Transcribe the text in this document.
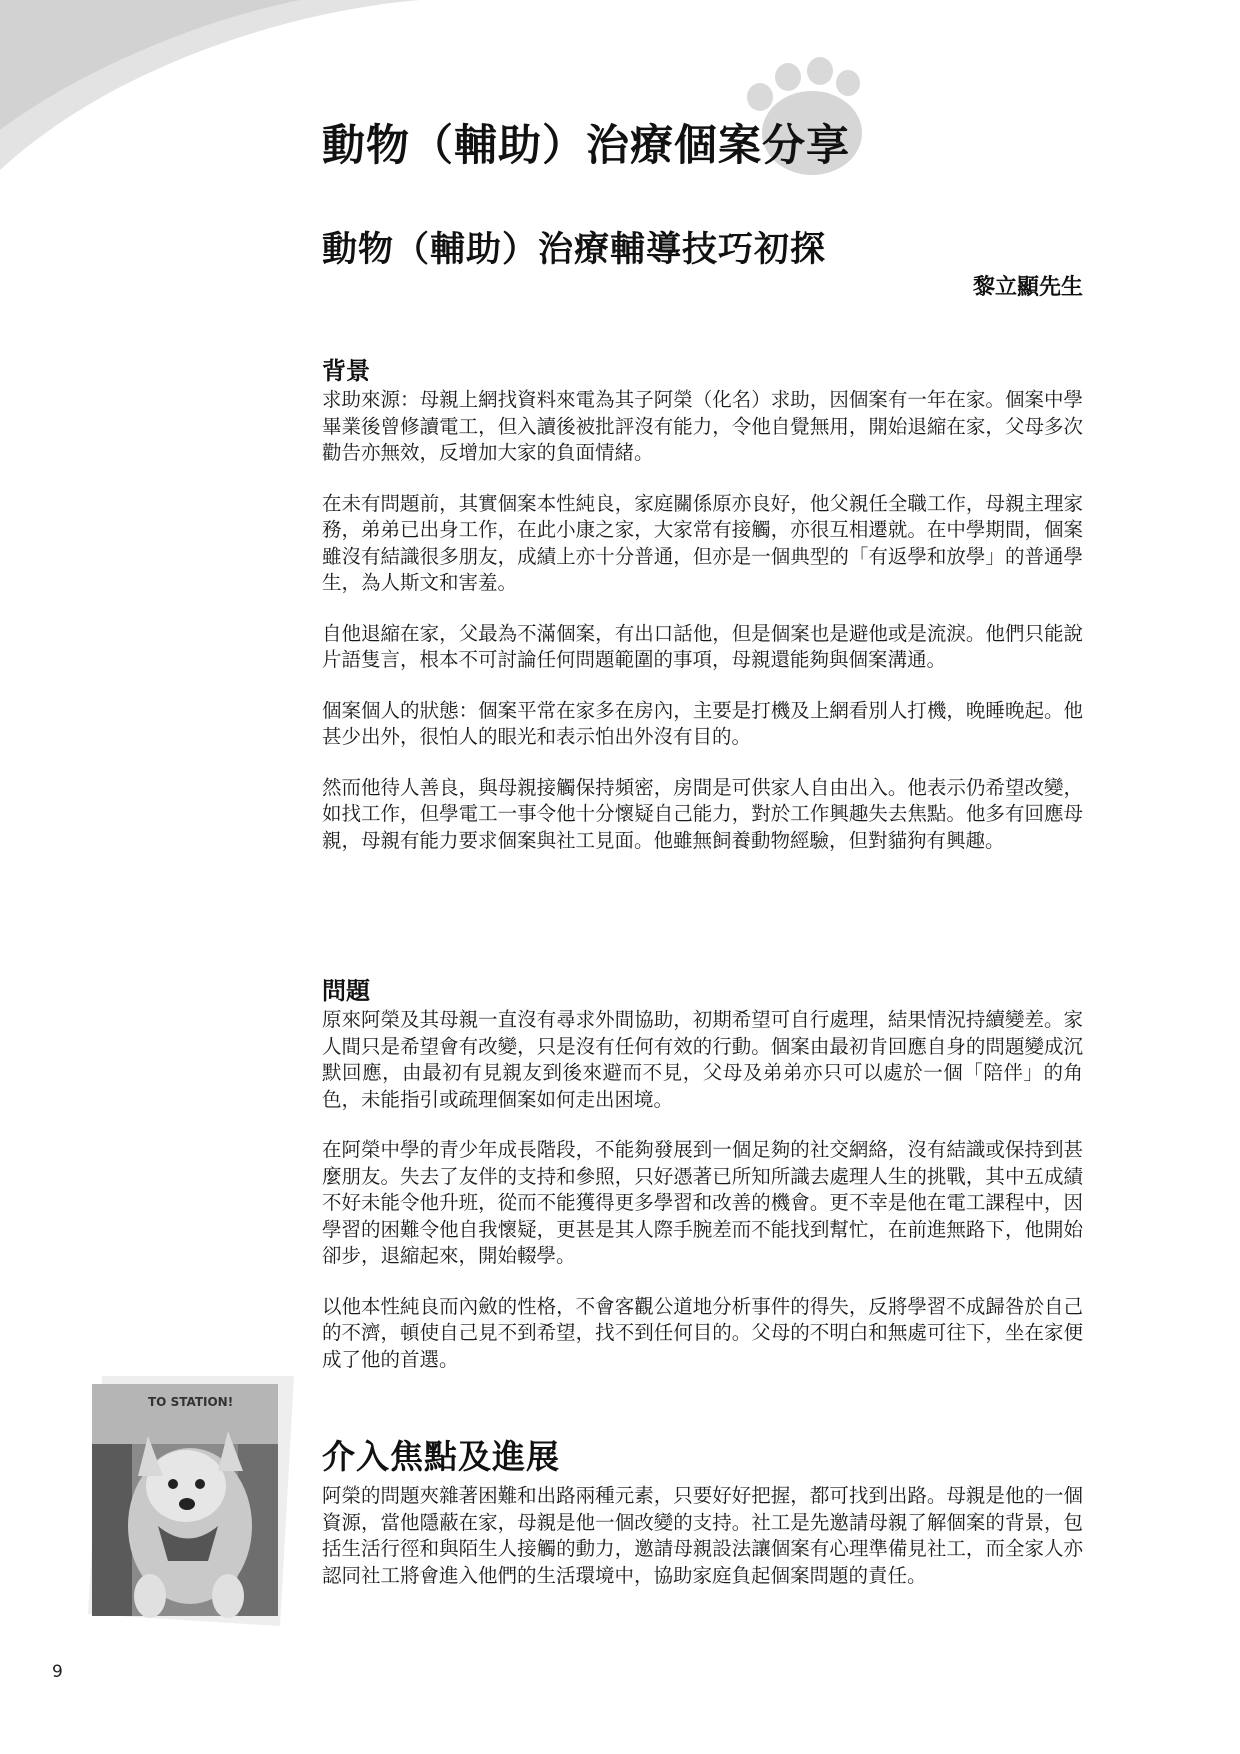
動物（輔助）治療個案分享
動物（輔助）治療輔導技巧初探

黎立顯先生

背景

求助來源：母親上網找資料來電為其子阿榮（化名）求助，因個案有一年在家。個案中學畢業後曾修讀電工，但入讀後被批評沒有能力，令他自覺無用，開始退縮在家，父母多次勸告亦無效，反增加大家的負面情緒。

在未有問題前，其實個案本性純良，家庭關係原亦良好，他父親任全職工作，母親主理家務，弟弟已出身工作，在此小康之家，大家常有接觸，亦很互相遷就。在中學期間，個案雖沒有結識很多朋友，成績上亦十分普通，但亦是一個典型的「有返學和放學」的普通學生，為人斯文和害羞。

自他退縮在家，父最為不滿個案，有出口話他，但是個案也是避他或是流淚。他們只能說片語隻言，根本不可討論任何問題範圍的事項，母親還能夠與個案溝通。

個案個人的狀態：個案平常在家多在房內，主要是打機及上網看別人打機，晚睡晚起。他甚少出外，很怕人的眼光和表示怕出外沒有目的。

然而他待人善良，與母親接觸保持頻密，房間是可供家人自由出入。他表示仍希望改變，如找工作，但學電工一事令他十分懷疑自己能力，對於工作興趣失去焦點。他多有回應母親，母親有能力要求個案與社工見面。他雖無飼養動物經驗，但對貓狗有興趣。

問題

原來阿榮及其母親一直沒有尋求外間協助，初期希望可自行處理，結果情況持續變差。家人間只是希望會有改變，只是沒有任何有效的行動。個案由最初肯回應自身的問題變成沉默回應，由最初有見親友到後來避而不見，父母及弟弟亦只可以處於一個「陪伴」的角色，未能指引或疏理個案如何走出困境。

在阿榮中學的青少年成長階段，不能夠發展到一個足夠的社交網絡，沒有結識或保持到甚麼朋友。失去了友伴的支持和參照，只好憑著已所知所識去處理人生的挑戰，其中五成績不好未能令他升班，從而不能獲得更多學習和改善的機會。更不幸是他在電工課程中，因學習的困難令他自我懷疑，更甚是其人際手腕差而不能找到幫忙，在前進無路下，他開始卻步，退縮起來，開始輟學。

以他本性純良而內斂的性格，不會客觀公道地分析事件的得失，反將學習不成歸咎於自己的不濟，頓使自己見不到希望，找不到任何目的。父母的不明白和無處可往下，坐在家便成了他的首選。

TO STATION!
介入焦點及進展

阿榮的問題夾雜著困難和出路兩種元素，只要好好把握，都可找到出路。母親是他的一個資源，當他隱蔽在家，母親是他一個改變的支持。社工是先邀請母親了解個案的背景，包括生活行徑和與陌生人接觸的動力，邀請母親設法讓個案有心理準備見社工，而全家人亦認同社工將會進入他們的生活環境中，協助家庭負起個案問題的責任。

9
